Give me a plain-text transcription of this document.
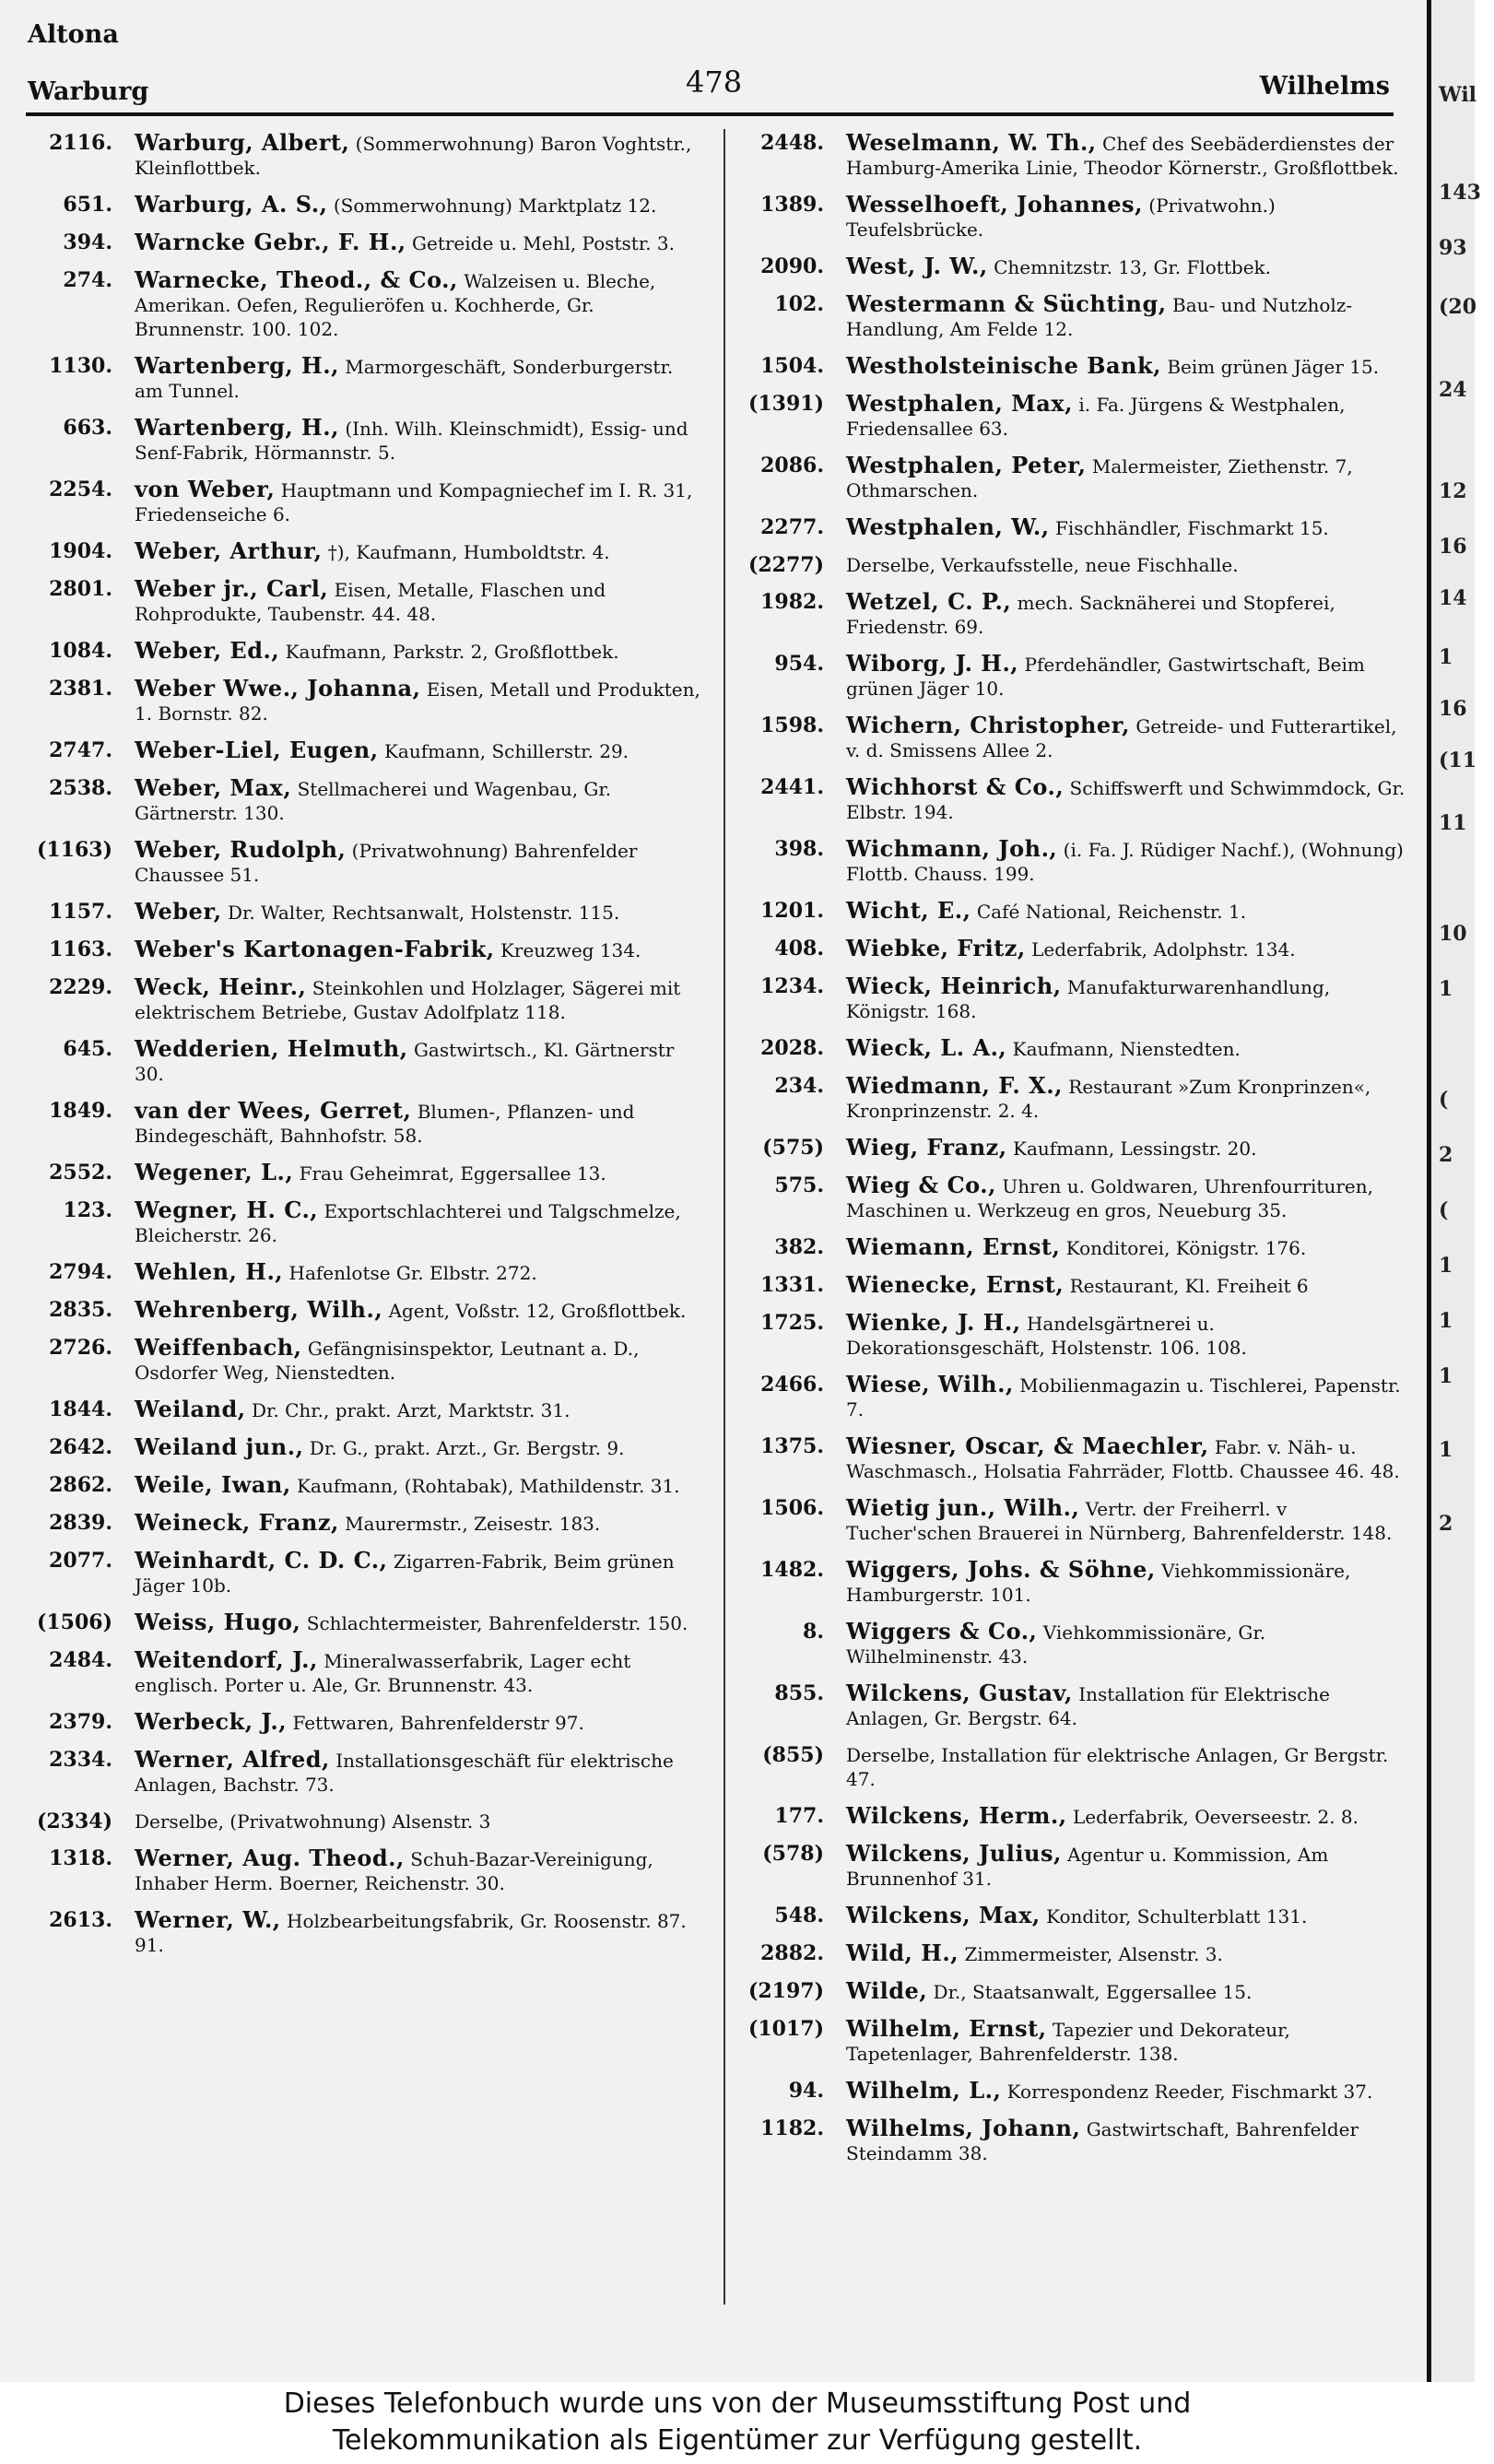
Altona
Warburg	478	Wilhelms
2116. Warburg, Albert, (Sommerwohnung) Baron Voghtstr., Kleinflottbek.
651. Warburg, A. S., (Sommerwohnung) Marktplatz 12.
394. Warncke Gebr., F. H., Getreide u. Mehl, Poststr. 3.
274. Warnecke, Theod., & Co., Walzeisen u. Bleche, Amerikan. Oefen, Regulieröfen u. Kochherde, Gr. Brunnenstr. 100. 102.
1130. Wartenberg, H., Marmorgeschäft, Sonderburgerstr. am Tunnel.
663. Wartenberg, H., (Inh. Wilh. Kleinschmidt), Essig- und Senf-Fabrik, Hörmannstr. 5.
2254. von Weber, Hauptmann und Kompagniechef im I. R. 31, Friedenseiche 6.
1904. Weber, Arthur, †), Kaufmann, Humboldtstr. 4.
2801. Weber jr., Carl, Eisen, Metalle, Flaschen und Rohprodukte, Taubenstr. 44. 48.
1084. Weber, Ed., Kaufmann, Parkstr. 2, Großflottbek.
2381. Weber Wwe., Johanna, Eisen, Metall und Produkten, 1. Bornstr. 82.
2747. Weber-Liel, Eugen, Kaufmann, Schillerstr. 29.
2538. Weber, Max, Stellmacherei und Wagenbau, Gr. Gärtnerstr. 130.
(1163) Weber, Rudolph, (Privatwohnung) Bahrenfelder Chaussee 51.
1157. Weber, Dr. Walter, Rechtsanwalt, Holstenstr. 115.
1163. Weber's Kartonagen-Fabrik, Kreuzweg 134.
2229. Weck, Heinr., Steinkohlen und Holzlager, Sägerei mit elektrischem Betriebe, Gustav Adolfplatz 118.
645. Wedderien, Helmuth, Gastwirtsch., Kl. Gärtnerstr 30.
1849. van der Wees, Gerret, Blumen-, Pflanzen- und Bindegeschäft, Bahnhofstr. 58.
2552. Wegener, L., Frau Geheimrat, Eggersallee 13.
123. Wegner, H. C., Exportschlachterei und Talgschmelze, Bleicherstr. 26.
2794. Wehlen, H., Hafenlotse Gr. Elbstr. 272.
2835. Wehrenberg, Wilh., Agent, Voßstr. 12, Großflottbek.
2726. Weiffenbach, Gefängnisinspektor, Leutnant a. D., Osdorfer Weg, Nienstedten.
1844. Weiland, Dr. Chr., prakt. Arzt, Marktstr. 31.
2642. Weiland jun., Dr. G., prakt. Arzt., Gr. Bergstr. 9.
2862. Weile, Iwan, Kaufmann, (Rohtabak), Mathildenstr. 31.
2839. Weineck, Franz, Maurermstr., Zeisestr. 183.
2077. Weinhardt, C. D. C., Zigarren-Fabrik, Beim grünen Jäger 10b.
(1506) Weiss, Hugo, Schlachtermeister, Bahrenfelderstr. 150.
2484. Weitendorf, J., Mineralwasserfabrik, Lager echt englisch. Porter u. Ale, Gr. Brunnenstr. 43.
2379. Werbeck, J., Fettwaren, Bahrenfelderstr 97.
2334. Werner, Alfred, Installationsgeschäft für elektrische Anlagen, Bachstr. 73.
(2334) Derselbe, (Privatwohnung) Alsenstr. 3
1318. Werner, Aug. Theod., Schuh-Bazar-Vereinigung, Inhaber Herm. Boerner, Reichenstr. 30.
2613. Werner, W., Holzbearbeitungsfabrik, Gr. Roosenstr. 87. 91.
2448. Weselmann, W. Th., Chef des Seebäderdienstes der Hamburg-Amerika Linie, Theodor Körnerstr., Großflottbek.
1389. Wesselhoeft, Johannes, (Privatwohn.) Teufelsbrücke.
2090. West, J. W., Chemnitzstr. 13, Gr. Flottbek.
102. Westermann & Süchting, Bau- und Nutzholz-Handlung, Am Felde 12.
1504. Westholsteinische Bank, Beim grünen Jäger 15.
(1391) Westphalen, Max, i. Fa. Jürgens & Westphalen, Friedensallee 63.
2086. Westphalen, Peter, Malermeister, Ziethenstr. 7, Othmarschen.
2277. Westphalen, W., Fischhändler, Fischmarkt 15.
(2277) Derselbe, Verkaufsstelle, neue Fischhalle.
1982. Wetzel, C. P., mech. Sacknäherei und Stopferei, Friedenstr. 69.
954. Wiborg, J. H., Pferdehändler, Gastwirtschaft, Beim grünen Jäger 10.
1598. Wichern, Christopher, Getreide- und Futterartikel, v. d. Smissens Allee 2.
2441. Wichhorst & Co., Schiffswerft und Schwimmdock, Gr. Elbstr. 194.
398. Wichmann, Joh., (i. Fa. J. Rüdiger Nachf.), (Wohnung) Flottb. Chauss. 199.
1201. Wicht, E., Café National, Reichenstr. 1.
408. Wiebke, Fritz, Lederfabrik, Adolphstr. 134.
1234. Wieck, Heinrich, Manufakturwarenhandlung, Königstr. 168.
2028. Wieck, L. A., Kaufmann, Nienstedten.
234. Wiedmann, F. X., Restaurant »Zum Kronprinzen«, Kronprinzenstr. 2. 4.
(575) Wieg, Franz, Kaufmann, Lessingstr. 20.
575. Wieg & Co., Uhren u. Goldwaren, Uhrenfourrituren, Maschinen u. Werkzeug en gros, Neueburg 35.
382. Wiemann, Ernst, Konditorei, Königstr. 176.
1331. Wienecke, Ernst, Restaurant, Kl. Freiheit 6
1725. Wienke, J. H., Handelsgärtnerei u. Dekorationsgeschäft, Holstenstr. 106. 108.
2466. Wiese, Wilh., Mobilienmagazin u. Tischlerei, Papenstr. 7.
1375. Wiesner, Oscar, & Maechler, Fabr. v. Näh- u. Waschmasch., Holsatia Fahrräder, Flottb. Chaussee 46. 48.
1506. Wietig jun., Wilh., Vertr. der Freiherrl. v Tucher'schen Brauerei in Nürnberg, Bahrenfelderstr. 148.
1482. Wiggers, Johs. & Söhne, Viehkommissionäre, Hamburgerstr. 101.
8. Wiggers & Co., Viehkommissionäre, Gr. Wilhelminenstr. 43.
855. Wilckens, Gustav, Installation für Elektrische Anlagen, Gr. Bergstr. 64.
(855) Derselbe, Installation für elektrische Anlagen, Gr Bergstr. 47.
177. Wilckens, Herm., Lederfabrik, Oeverseestr. 2. 8.
(578) Wilckens, Julius, Agentur u. Kommission, Am Brunnenhof 31.
548. Wilckens, Max, Konditor, Schulterblatt 131.
2882. Wild, H., Zimmermeister, Alsenstr. 3.
(2197) Wilde, Dr., Staatsanwalt, Eggersallee 15.
(1017) Wilhelm, Ernst, Tapezier und Dekorateur, Tapetenlager, Bahrenfelderstr. 138.
94. Wilhelm, L., Korrespondenz Reeder, Fischmarkt 37.
1182. Wilhelms, Johann, Gastwirtschaft, Bahrenfelder Steindamm 38.
Wil
143
93
(20
24
12
16
14
1
16
(11
11
10
1
(
2
(
1
1
1
1
2
Dieses Telefonbuch wurde uns von der Museumsstiftung Post und
Telekommunikation als Eigentümer zur Verfügung gestellt.
